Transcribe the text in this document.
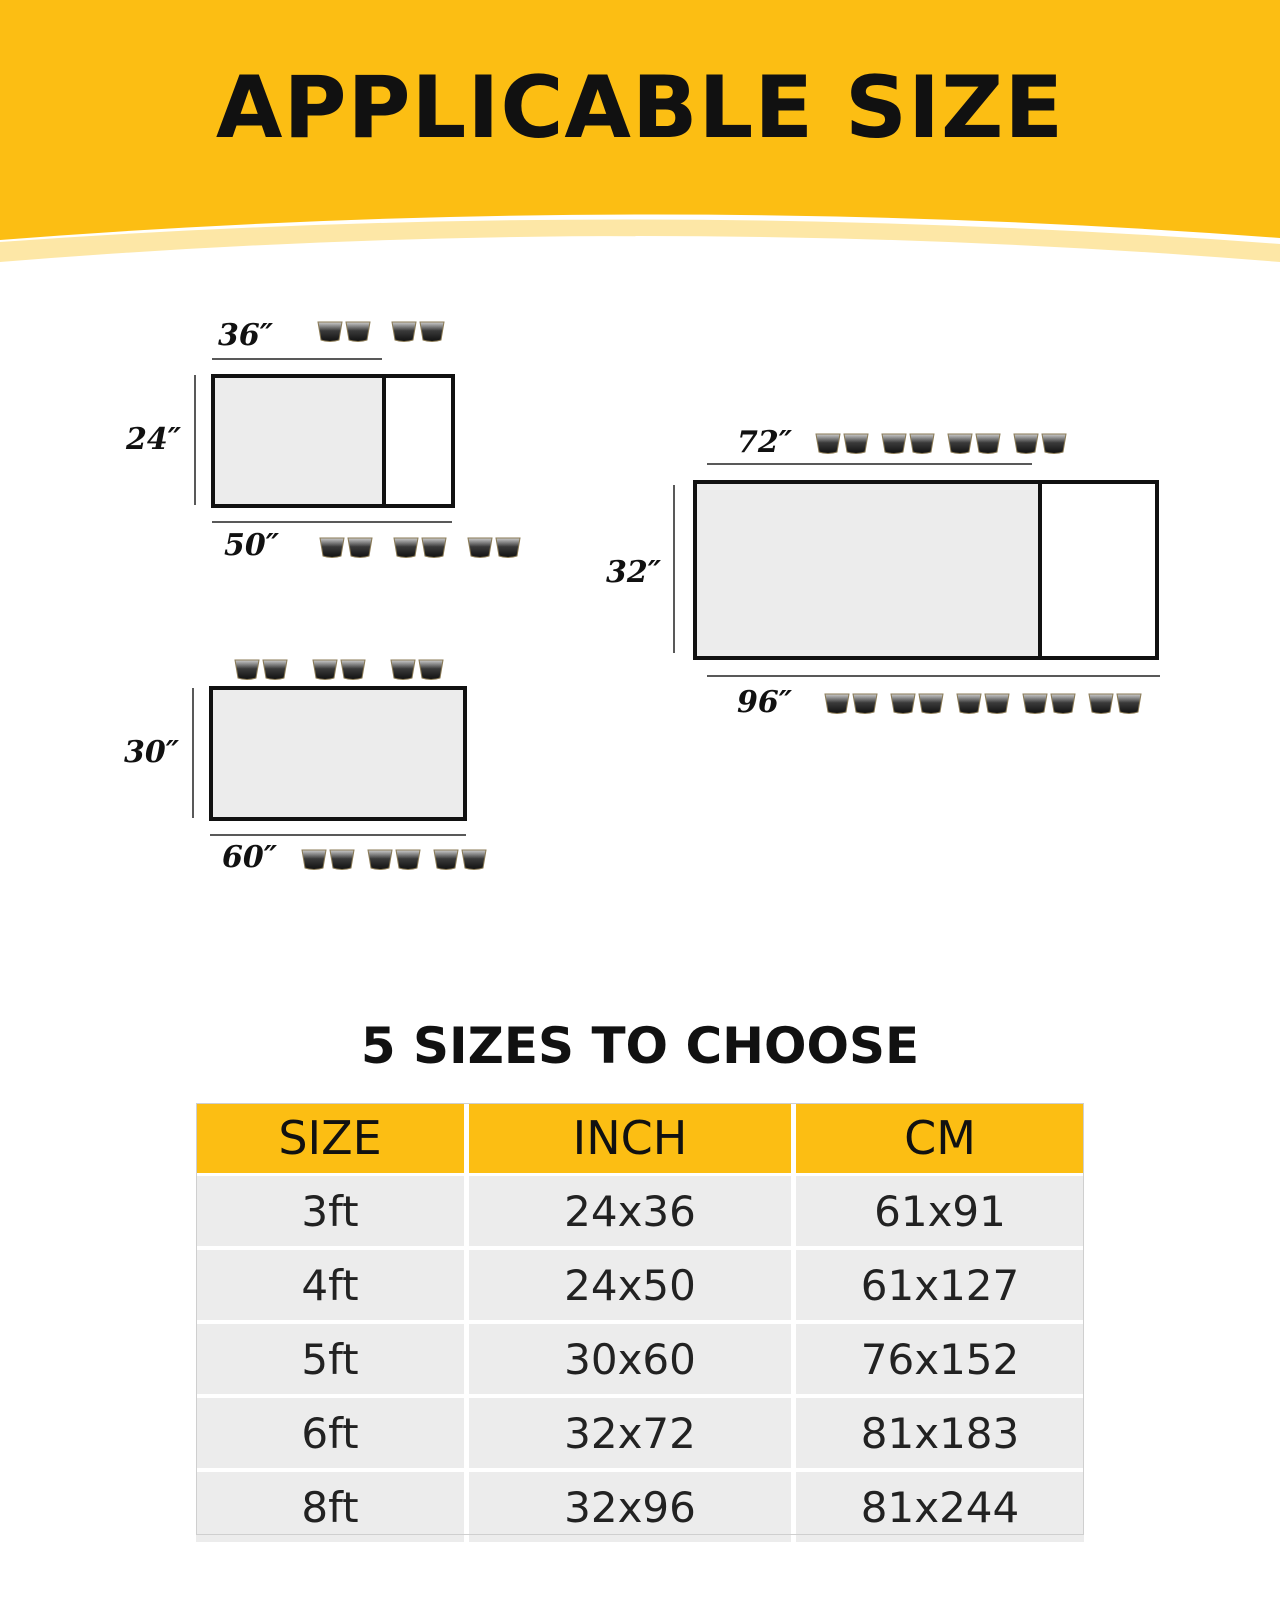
APPLICABLE SIZE
36″
24″
50″
30″
60″
72″
32″
96″
5 SIZES TO CHOOSE
SIZE	INCH	CM
3ft	24x36	61x91
4ft	24x50	61x127
5ft	30x60	76x152
6ft	32x72	81x183
8ft	32x96	81x244
